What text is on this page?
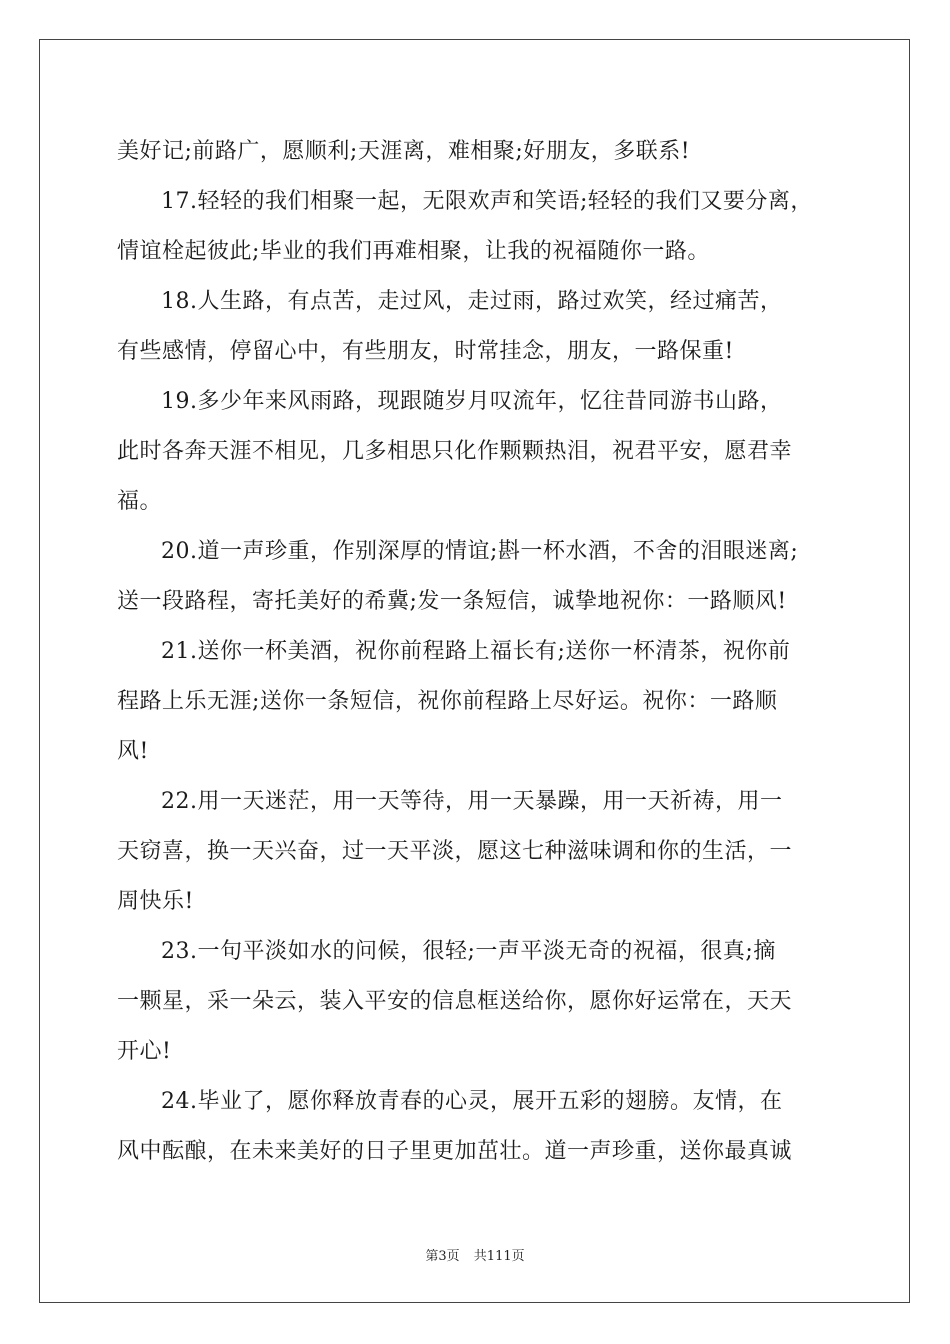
美好记;前路广，愿顺利;天涯离，难相聚;好朋友，多联系!
17.轻轻的我们相聚一起，无限欢声和笑语;轻轻的我们又要分离，
情谊栓起彼此;毕业的我们再难相聚，让我的祝福随你一路。
18.人生路，有点苦，走过风，走过雨，路过欢笑，经过痛苦，
有些感情，停留心中，有些朋友，时常挂念，朋友，一路保重!
19.多少年来风雨路，现跟随岁月叹流年，忆往昔同游书山路，
此时各奔天涯不相见，几多相思只化作颗颗热泪，祝君平安，愿君幸
福。
20.道一声珍重，作别深厚的情谊;斟一杯水酒，不舍的泪眼迷离;
送一段路程，寄托美好的希冀;发一条短信，诚挚地祝你：一路顺风!
21.送你一杯美酒，祝你前程路上福长有;送你一杯清茶，祝你前
程路上乐无涯;送你一条短信，祝你前程路上尽好运。祝你：一路顺
风!
22.用一天迷茫，用一天等待，用一天暴躁，用一天祈祷，用一
天窃喜，换一天兴奋，过一天平淡，愿这七种滋味调和你的生活，一
周快乐!
23.一句平淡如水的问候，很轻;一声平淡无奇的祝福，很真;摘
一颗星，采一朵云，装入平安的信息框送给你，愿你好运常在，天天
开心!
24.毕业了，愿你释放青春的心灵，展开五彩的翅膀。友情，在
风中酝酿，在未来美好的日子里更加茁壮。道一声珍重，送你最真诚
第3页 共111页
